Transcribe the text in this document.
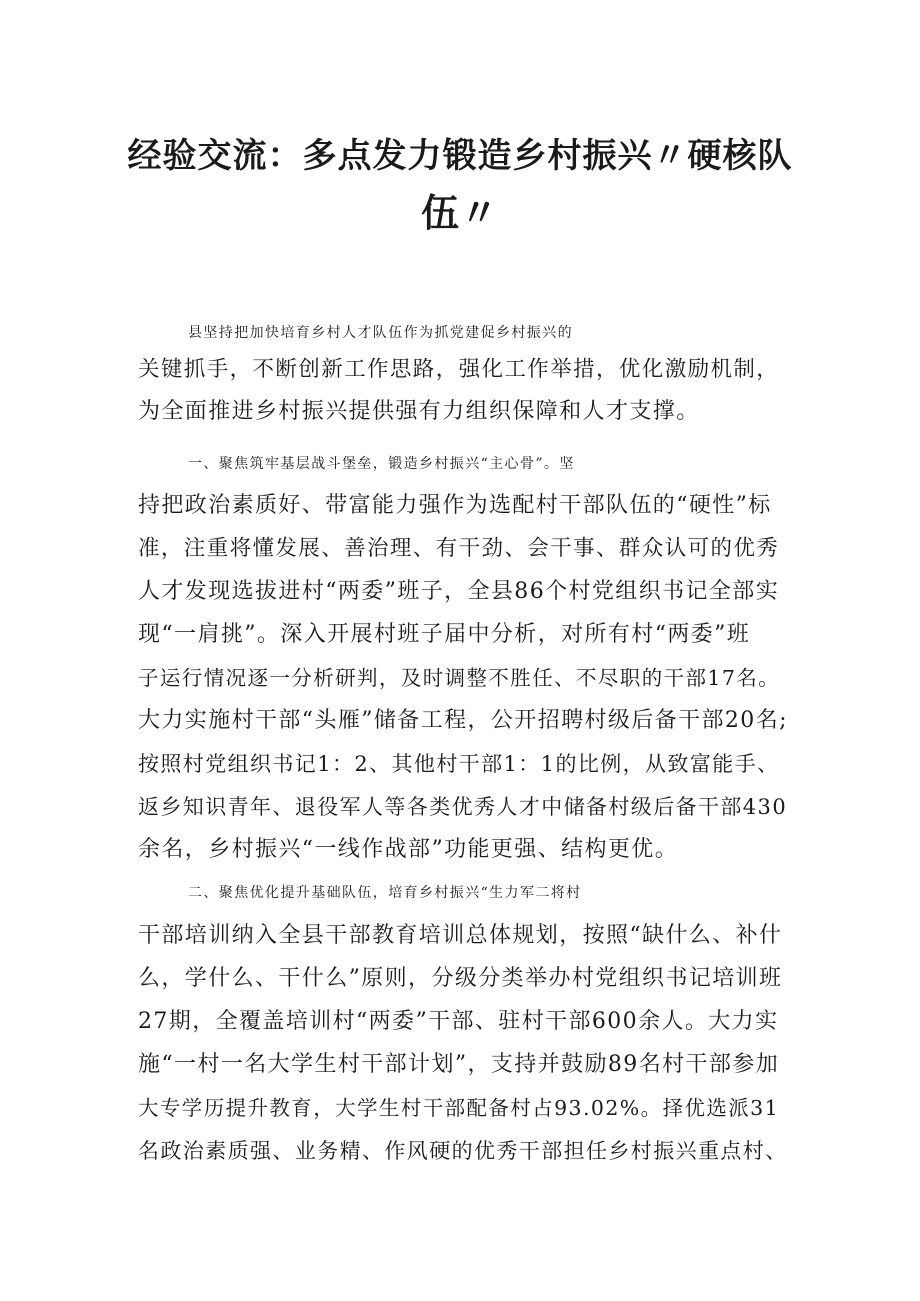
经验交流：多点发力锻造乡村振兴〃硬核队
伍〃
县坚持把加快培育乡村人才队伍作为抓党建促乡村振兴的
关键抓手，不断创新工作思路，强化工作举措，优化激励机制，
为全面推进乡村振兴提供强有力组织保障和人才支撑。
一、聚焦筑牢基层战斗堡垒，锻造乡村振兴“主心骨”。坚
持把政治素质好、带富能力强作为选配村干部队伍的“硬性”标
准，注重将懂发展、善治理、有干劲、会干事、群众认可的优秀
人才发现选拔进村“两委”班子，全县86个村党组织书记全部实
现“一肩挑”。深入开展村班子届中分析，对所有村“两委”班
子运行情况逐一分析研判，及时调整不胜任、不尽职的干部17名。
大力实施村干部“头雁”储备工程，公开招聘村级后备干部20名;
按照村党组织书记1：2、其他村干部1：1的比例，从致富能手、
返乡知识青年、退役军人等各类优秀人才中储备村级后备干部430
余名，乡村振兴“一线作战部”功能更强、结构更优。
二、聚焦优化提升基础队伍，培育乡村振兴“生力军二将村
干部培训纳入全县干部教育培训总体规划，按照“缺什么、补什
么，学什么、干什么”原则，分级分类举办村党组织书记培训班
27期，全覆盖培训村“两委”干部、驻村干部600余人。大力实
施“一村一名大学生村干部计划”，支持并鼓励89名村干部参加
大专学历提升教育，大学生村干部配备村占93.02%。择优选派31
名政治素质强、业务精、作风硬的优秀干部担任乡村振兴重点村、
